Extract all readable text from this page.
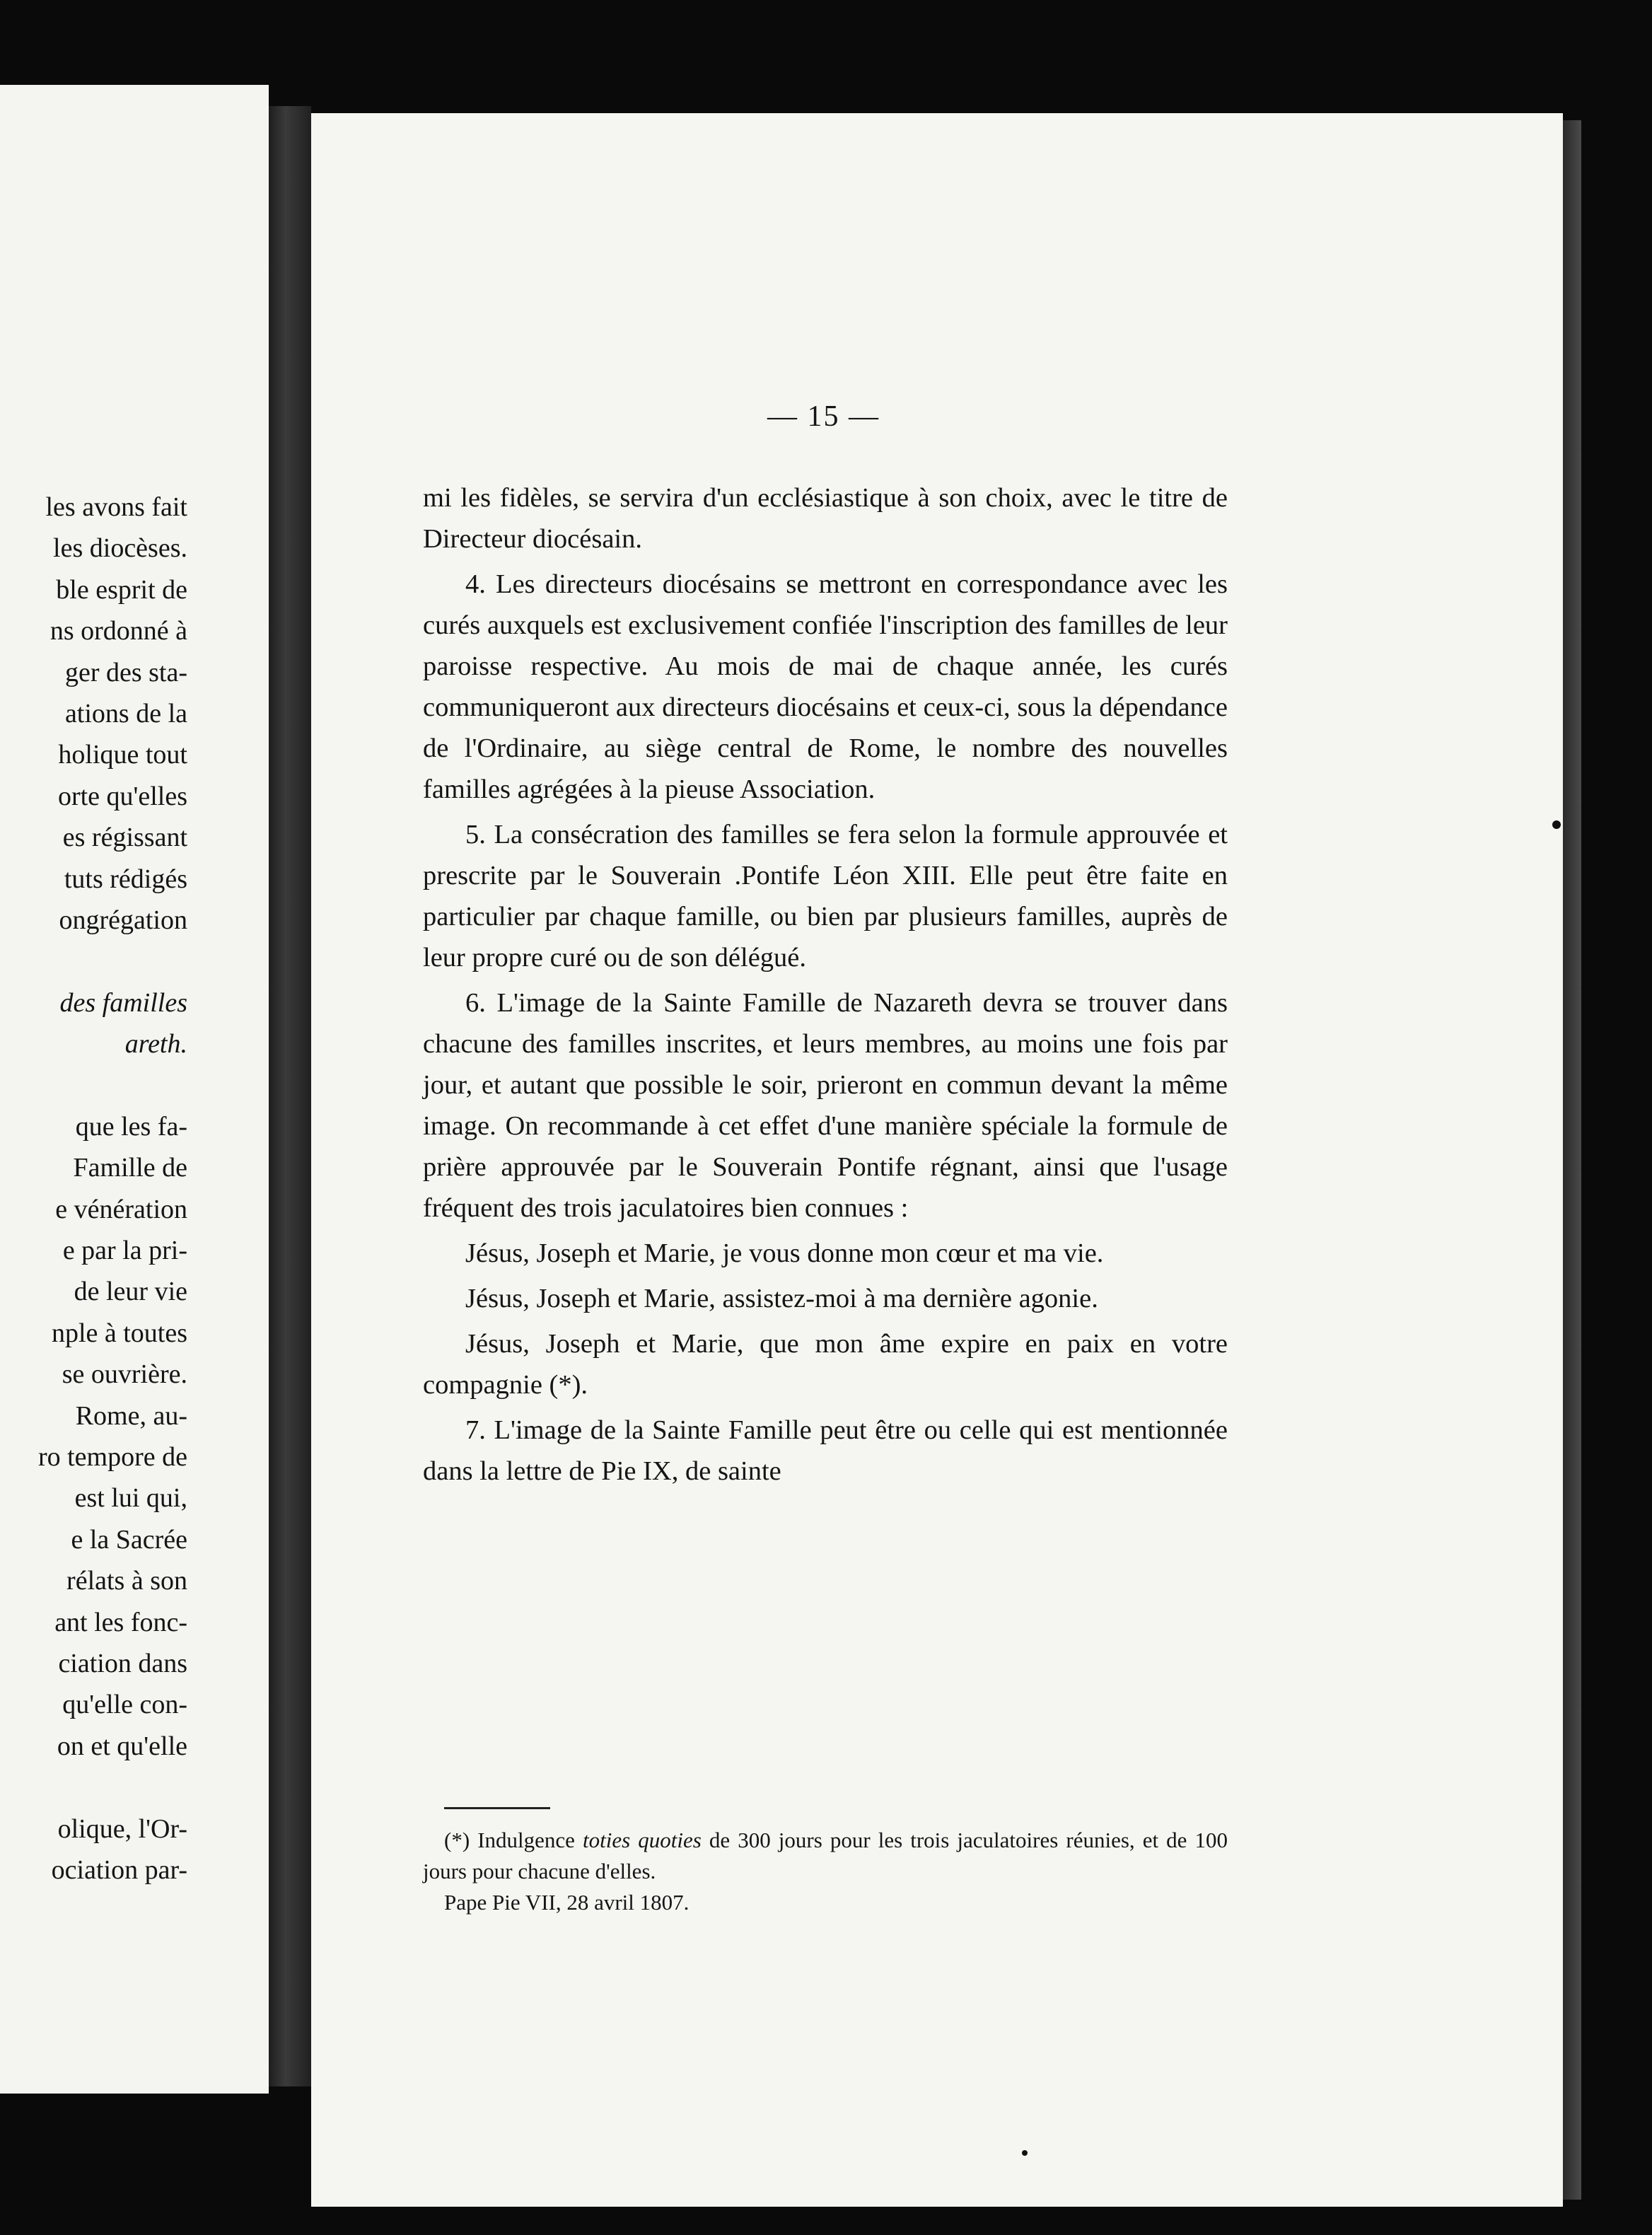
les avons fait
les diocèses.
ble esprit de
ns ordonné à
ger des sta-
ations de la
holique tout
orte qu'elles
es régissant
tuts rédigés
ongrégation
des familles
areth.
que les fa-
Famille de
e vénération
e par la pri-
de leur vie
nple à toutes
se ouvrière.
Rome, au-
ro tempore de
est lui qui,
e la Sacrée
rélats à son
ant les fonc-
ciation dans
qu'elle con-
on et qu'elle
olique, l'Or-
ociation par-
— 15 —

mi les fidèles, se servira d'un ecclésiastique à son choix, avec le titre de Directeur diocésain.

4. Les directeurs diocésains se mettront en correspondance avec les curés auxquels est exclusivement confiée l'inscription des familles de leur paroisse respective. Au mois de mai de chaque année, les curés communiqueront aux directeurs diocésains et ceux-ci, sous la dépendance de l'Ordinaire, au siège central de Rome, le nombre des nouvelles familles agrégées à la pieuse Association.

5. La consécration des familles se fera selon la formule approuvée et prescrite par le Souverain .Pontife Léon XIII. Elle peut être faite en particulier par chaque famille, ou bien par plusieurs familles, auprès de leur propre curé ou de son délégué.

6. L'image de la Sainte Famille de Nazareth devra se trouver dans chacune des familles inscrites, et leurs membres, au moins une fois par jour, et autant que possible le soir, prieront en commun devant la même image. On recommande à cet effet d'une manière spéciale la formule de prière approuvée par le Souverain Pontife régnant, ainsi que l'usage fréquent des trois jaculatoires bien connues :

Jésus, Joseph et Marie, je vous donne mon cœur et ma vie.

Jésus, Joseph et Marie, assistez-moi à ma dernière agonie.

Jésus, Joseph et Marie, que mon âme expire en paix en votre compagnie (*).

7. L'image de la Sainte Famille peut être ou celle qui est mentionnée dans la lettre de Pie IX, de sainte

(*) Indulgence toties quoties de 300 jours pour les trois jaculatoires réunies, et de 100 jours pour chacune d'elles.

Pape Pie VII, 28 avril 1807.
